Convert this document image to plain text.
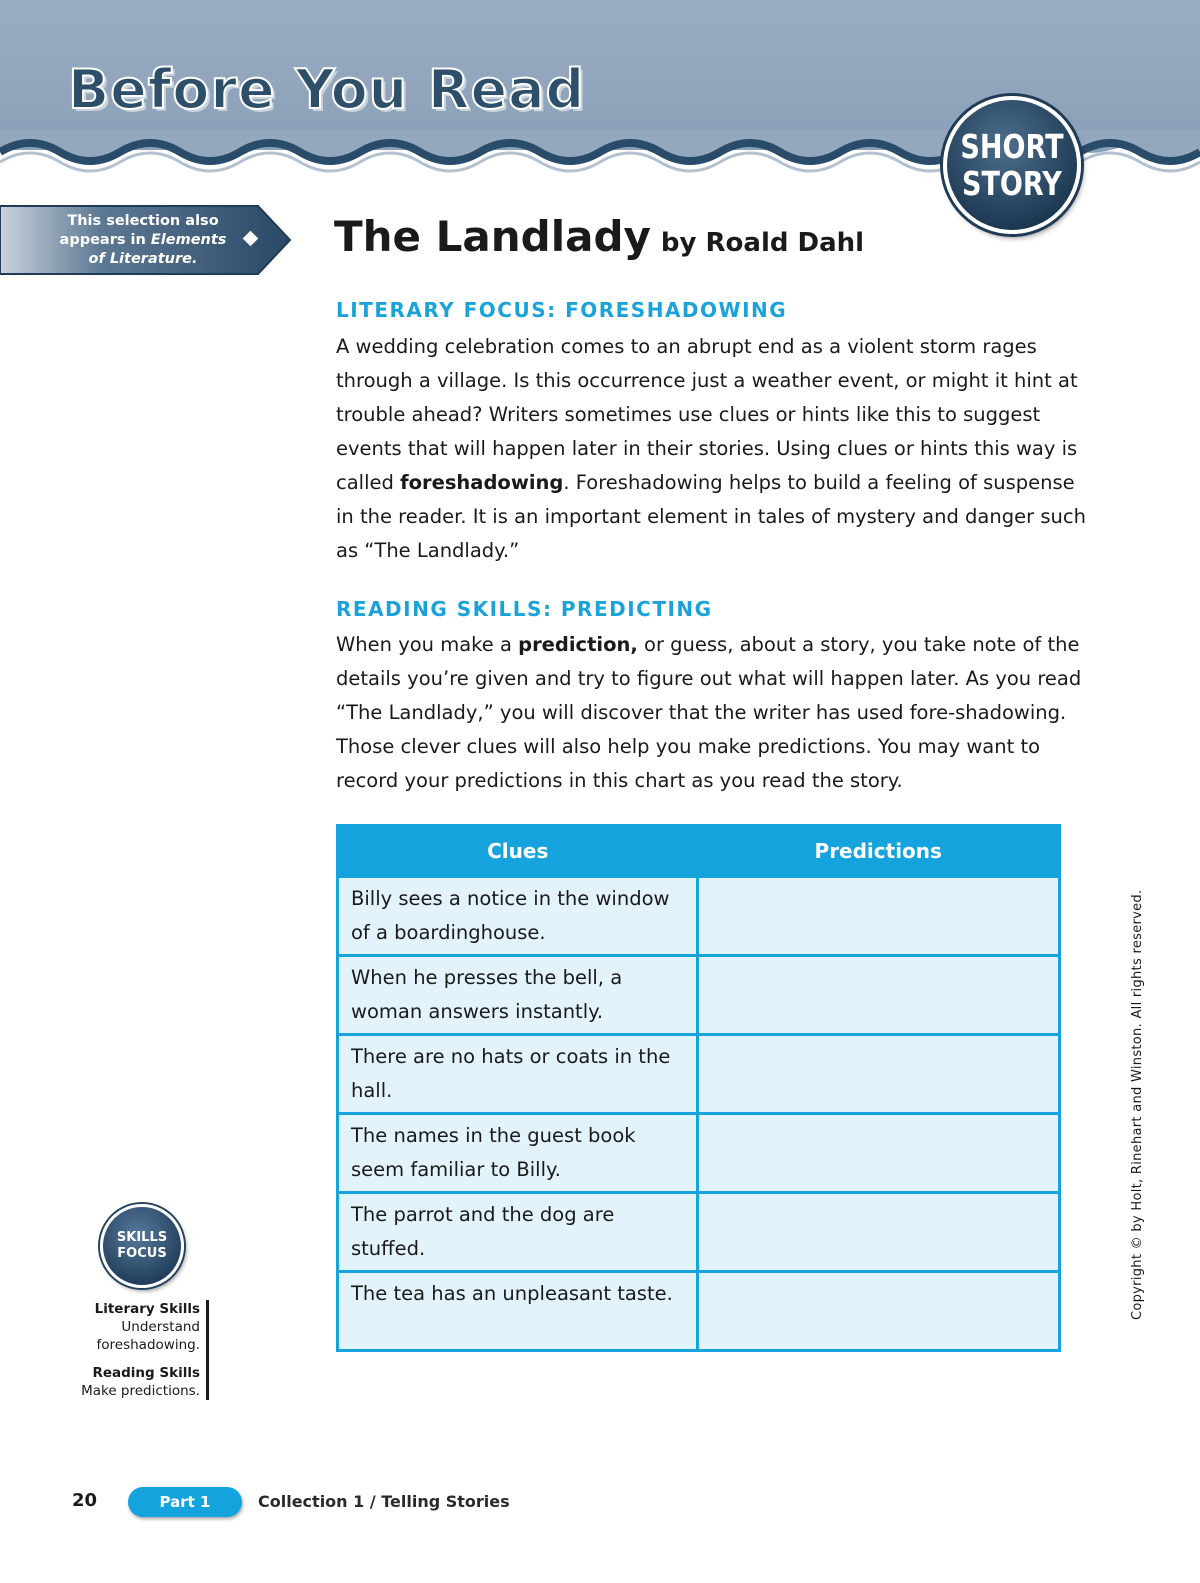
Before You Read
SHORT
STORY
This selection also
appears in Elements
of Literature.	The Landlady by Roald Dahl
LITERARY FOCUS: FORESHADOWING

A wedding celebration comes to an abrupt end as a violent storm rages through a village. Is this occurrence just a weather event, or might it hint at trouble ahead? Writers sometimes use clues or hints like this to suggest events that will happen later in their stories. Using clues or hints this way is called foreshadowing. Foreshadowing helps to build a feeling of suspense in the reader. It is an important element in tales of mystery and danger such as “The Landlady.”

READING SKILLS: PREDICTING

When you make a prediction, or guess, about a story, you take note of the details you’re given and try to figure out what will happen later. As you read “The Landlady,” you will discover that the writer has used fore-shadowing. Those clever clues will also help you make predictions. You may want to record your predictions in this chart as you read the story.

Clues	Predictions
Billy sees a notice in the window of a boardinghouse.	
When he presses the bell, a woman answers instantly.	
There are no hats or coats in the hall.	
The names in the guest book seem familiar to Billy.	
The parrot and the dog are stuffed.	
The tea has an unpleasant taste.	
SKILLS
FOCUS
Literary Skills
Understand foreshadowing.
Reading Skills
Make predictions.
Copyright © by Holt, Rinehart and Winston. All rights reserved.
20	Part 1	Collection 1 / Telling Stories
